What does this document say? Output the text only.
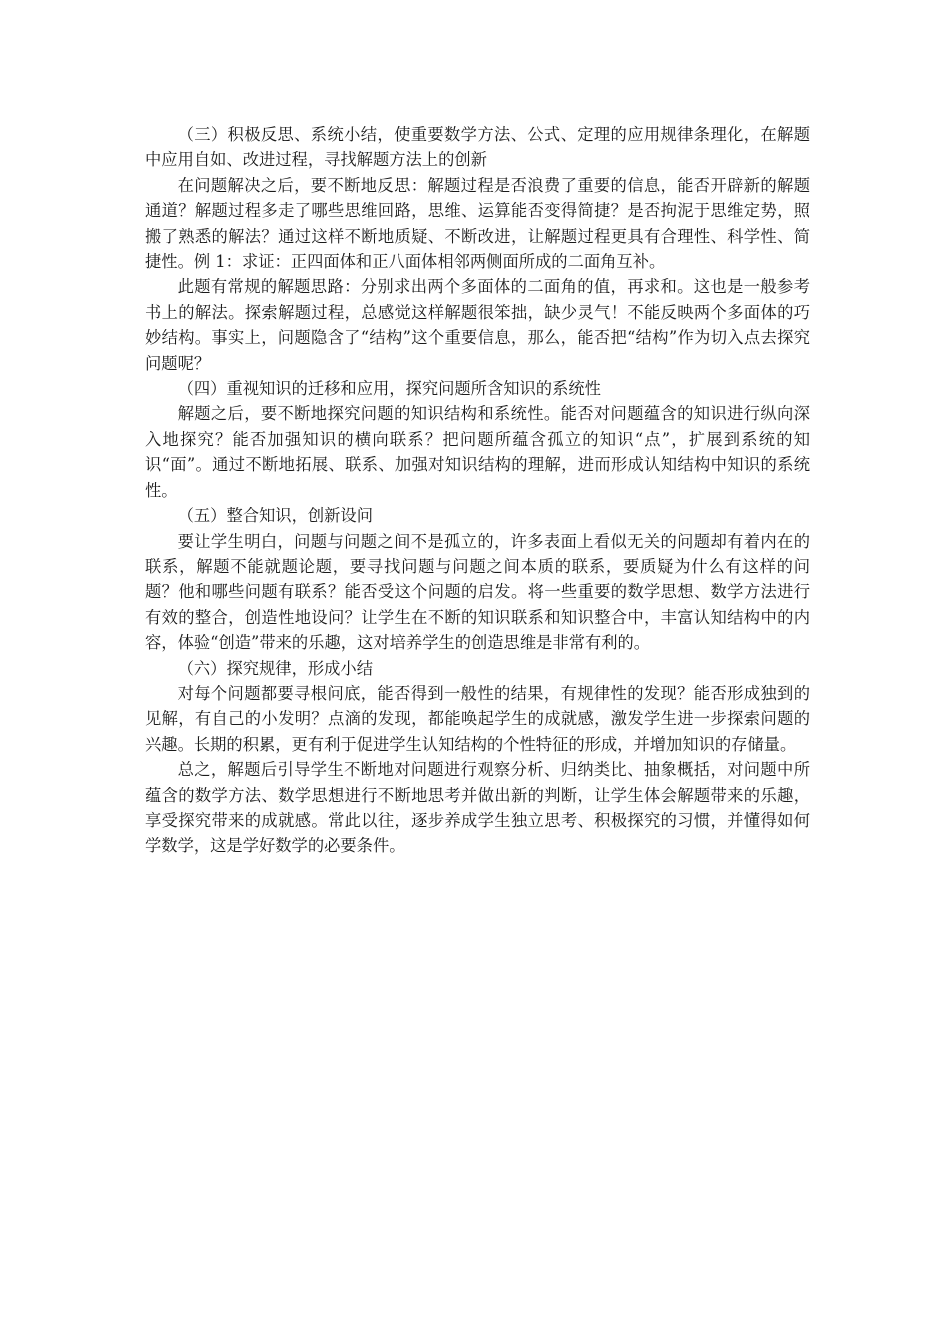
（三）积极反思、系统小结，使重要数学方法、公式、定理的应用规律条理化，在解题中应用自如、改进过程，寻找解题方法上的创新

在问题解决之后，要不断地反思：解题过程是否浪费了重要的信息，能否开辟新的解题通道？解题过程多走了哪些思维回路，思维、运算能否变得简捷？是否拘泥于思维定势，照搬了熟悉的解法？通过这样不断地质疑、不断改进，让解题过程更具有合理性、科学性、简捷性。例 1：求证：正四面体和正八面体相邻两侧面所成的二面角互补。

此题有常规的解题思路：分别求出两个多面体的二面角的值，再求和。这也是一般参考书上的解法。探索解题过程，总感觉这样解题很笨拙，缺少灵气！不能反映两个多面体的巧妙结构。事实上，问题隐含了“结构”这个重要信息，那么，能否把“结构”作为切入点去探究问题呢？

（四）重视知识的迁移和应用，探究问题所含知识的系统性

解题之后，要不断地探究问题的知识结构和系统性。能否对问题蕴含的知识进行纵向深入地探究？能否加强知识的横向联系？把问题所蕴含孤立的知识“点”，扩展到系统的知识“面”。通过不断地拓展、联系、加强对知识结构的理解，进而形成认知结构中知识的系统性。

（五）整合知识，创新设问

要让学生明白，问题与问题之间不是孤立的，许多表面上看似无关的问题却有着内在的联系，解题不能就题论题，要寻找问题与问题之间本质的联系，要质疑为什么有这样的问题？他和哪些问题有联系？能否受这个问题的启发。将一些重要的数学思想、数学方法进行有效的整合，创造性地设问？让学生在不断的知识联系和知识整合中，丰富认知结构中的内容，体验“创造”带来的乐趣，这对培养学生的创造思维是非常有利的。

（六）探究规律，形成小结

对每个问题都要寻根问底，能否得到一般性的结果，有规律性的发现？能否形成独到的见解，有自己的小发明？点滴的发现，都能唤起学生的成就感，激发学生进一步探索问题的兴趣。长期的积累，更有利于促进学生认知结构的个性特征的形成，并增加知识的存储量。

总之，解题后引导学生不断地对问题进行观察分析、归纳类比、抽象概括，对问题中所蕴含的数学方法、数学思想进行不断地思考并做出新的判断，让学生体会解题带来的乐趣，享受探究带来的成就感。常此以往，逐步养成学生独立思考、积极探究的习惯，并懂得如何学数学，这是学好数学的必要条件。
